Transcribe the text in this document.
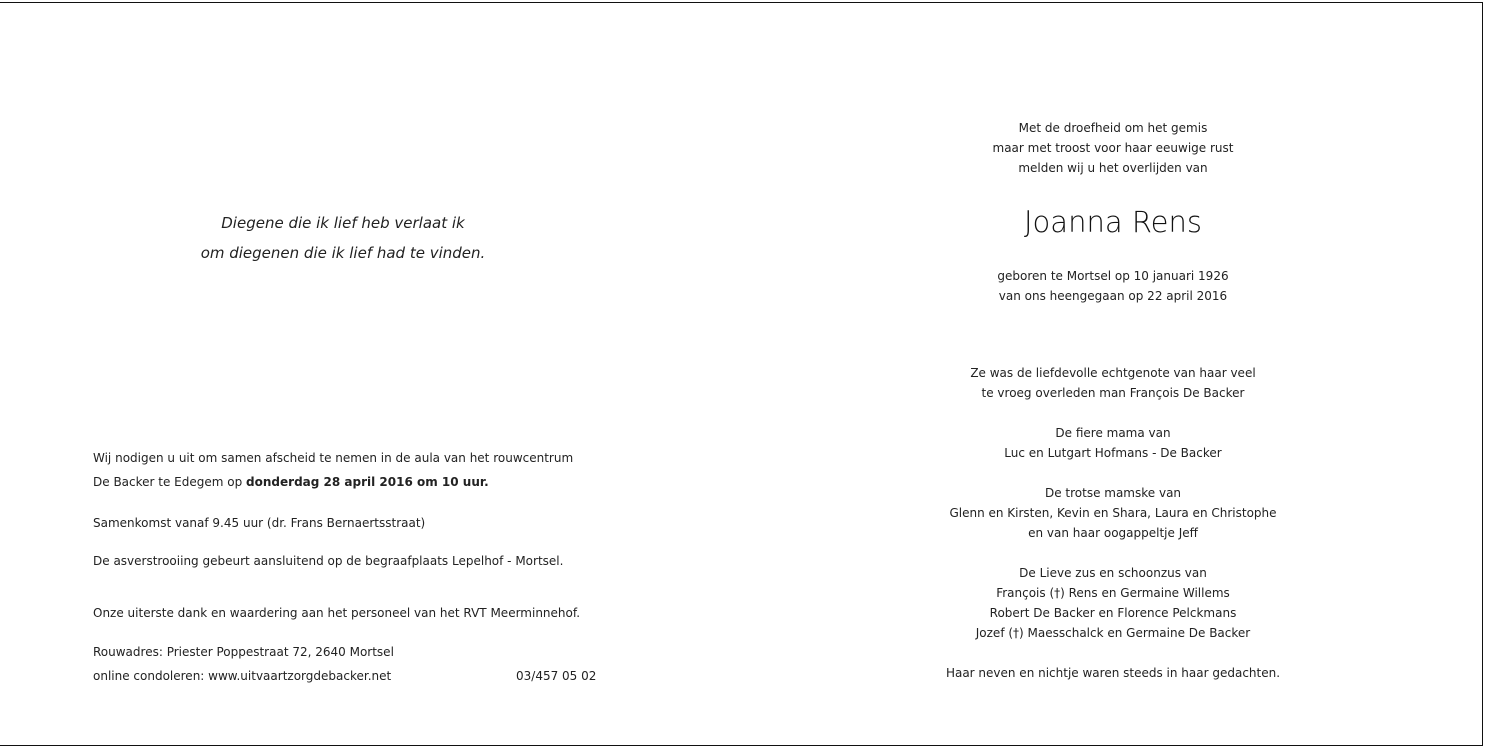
Diegene die ik lief heb verlaat ik
om diegenen die ik lief had te vinden.
Wij nodigen u uit om samen afscheid te nemen in de aula van het rouwcentrum
De Backer te Edegem op donderdag 28 april 2016 om 10 uur.
Samenkomst vanaf 9.45 uur (dr. Frans Bernaertsstraat)
De asverstrooiing gebeurt aansluitend op de begraafplaats Lepelhof - Mortsel.
Onze uiterste dank en waardering aan het personeel van het RVT Meerminnehof.
Rouwadres: Priester Poppestraat 72, 2640 Mortsel
online condoleren: www.uitvaartzorgdebacker.net	03/457 05 02
Met de droefheid om het gemis
maar met troost voor haar eeuwige rust
melden wij u het overlijden van
Joanna Rens
geboren te Mortsel op 10 januari 1926
van ons heengegaan op 22 april 2016
Ze was de liefdevolle echtgenote van haar veel
te vroeg overleden man François De Backer
De fiere mama van
Luc en Lutgart Hofmans - De Backer
De trotse mamske van
Glenn en Kirsten, Kevin en Shara, Laura en Christophe
en van haar oogappeltje Jeff
De Lieve zus en schoonzus van
François (†) Rens en Germaine Willems
Robert De Backer en Florence Pelckmans
Jozef (†) Maesschalck en Germaine De Backer
Haar neven en nichtje waren steeds in haar gedachten.
